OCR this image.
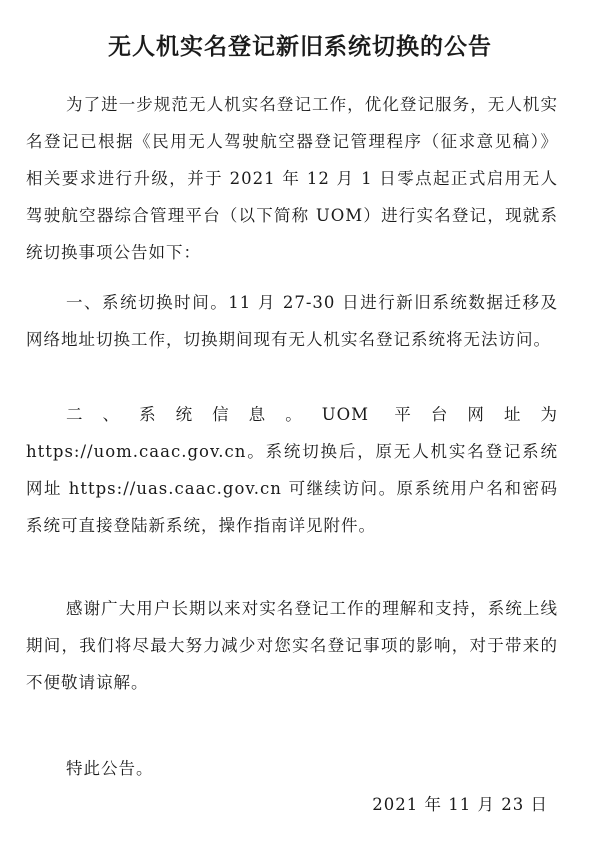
无人机实名登记新旧系统切换的公告

为了进一步规范无人机实名登记工作，优化登记服务，无人机实名登记已根据《民用无人驾驶航空器登记管理程序（征求意见稿）》相关要求进行升级，并于 2021 年 12 月 1 日零点起正式启用无人驾驶航空器综合管理平台（以下简称 UOM）进行实名登记，现就系统切换事项公告如下：

一、系统切换时间。11 月 27-30 日进行新旧系统数据迁移及网络地址切换工作，切换期间现有无人机实名登记系统将无法访问。

二、系统信息。UOM 平台网址为 https://uom.caac.gov.cn。系统切换后，原无人机实名登记系统网址 https://uas.caac.gov.cn 可继续访问。原系统用户名和密码系统可直接登陆新系统，操作指南详见附件。

感谢广大用户长期以来对实名登记工作的理解和支持，系统上线期间，我们将尽最大努力减少对您实名登记事项的影响，对于带来的不便敬请谅解。

特此公告。

2021 年 11 月 23 日
